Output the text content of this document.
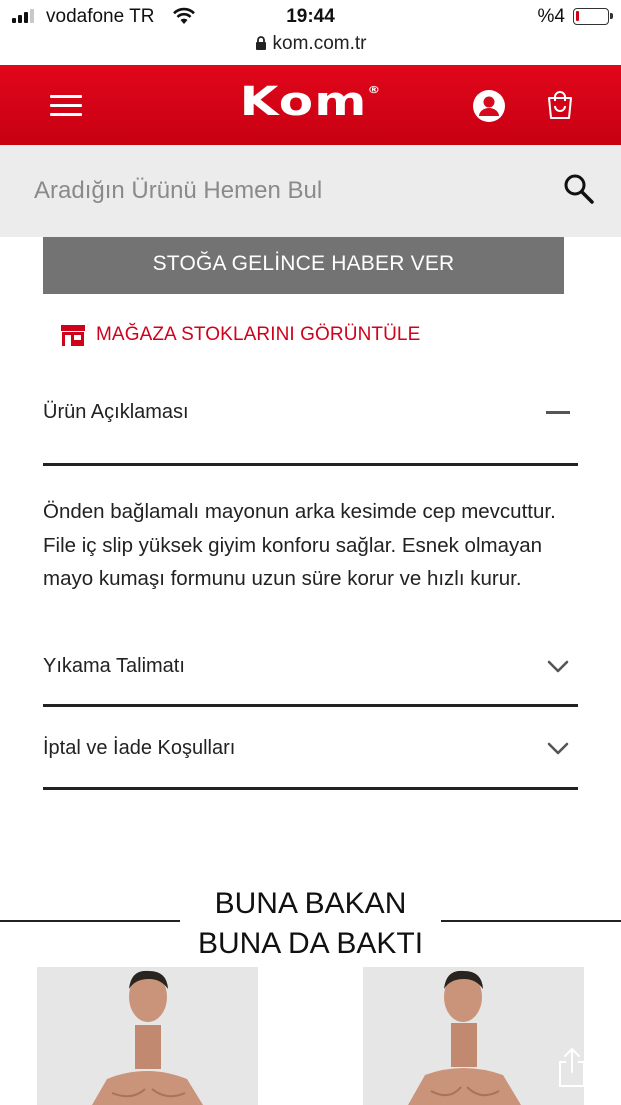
vodafone TR	19:44	%4
kom.com.tr
Kom®
Aradığın Ürünü Hemen Bul
STOĞA GELİNCE HABER VER
MAĞAZA STOKLARINI GÖRÜNTÜLE
Ürün Açıklaması
Önden bağlamalı mayonun arka kesimde cep mevcuttur. File iç slip yüksek giyim konforu sağlar. Esnek olmayan mayo kumaşı formunu uzun süre korur ve hızlı kurur.
Yıkama Talimatı
İptal ve İade Koşulları
BUNA BAKAN
BUNA DA BAKTI
